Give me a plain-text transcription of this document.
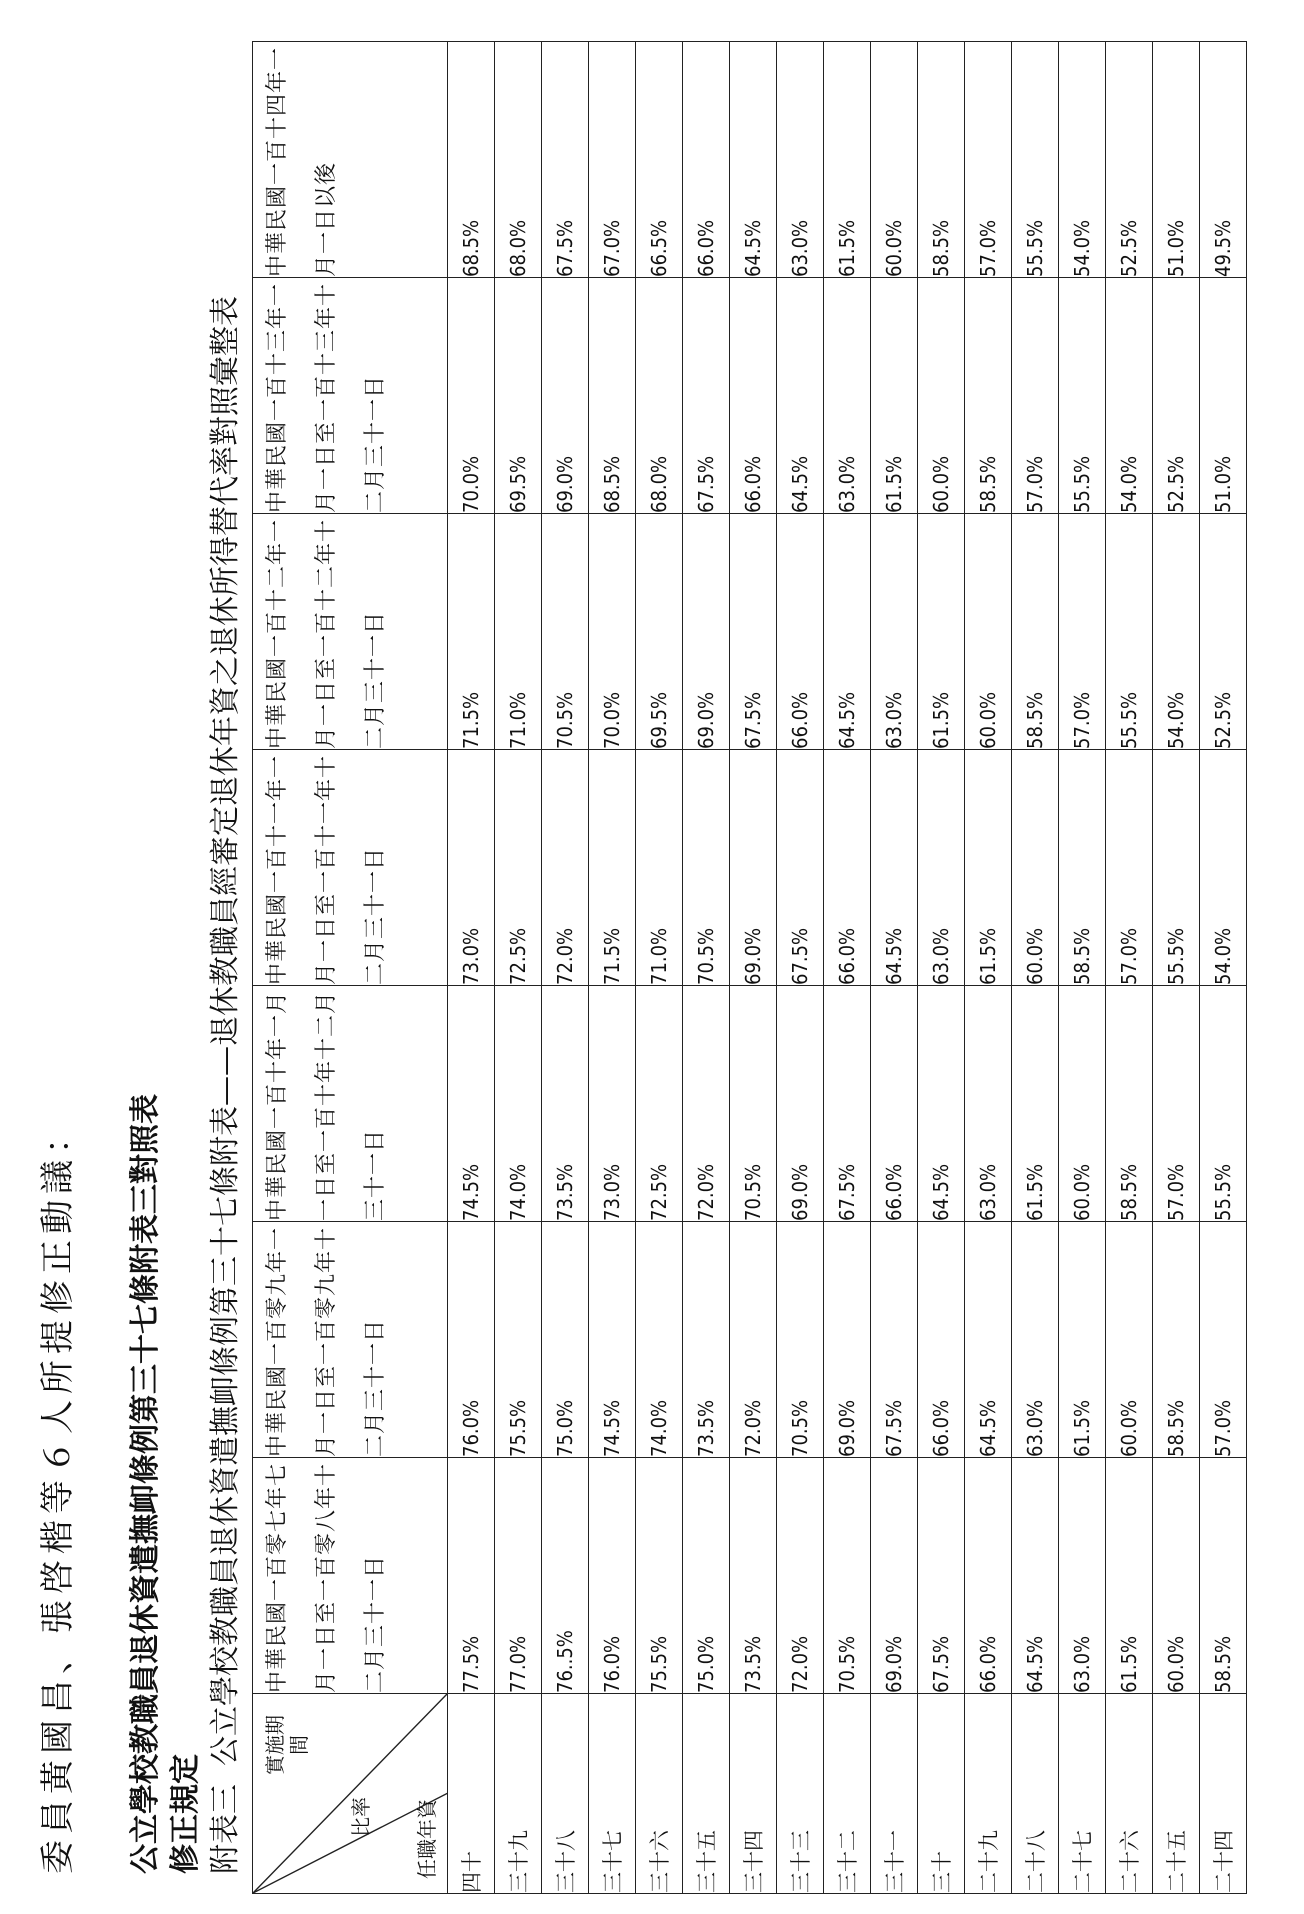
委員黃國昌、張啓楷等６人所提修正動議： 公立學校教職員退休資遣撫卹條例第三十七條附表三對照表 修正規定 附表三公立學校教職員退休資遣撫卹條例第三十七條附表——退休教職員經審定退休年資之退休所得替代率對照彙整表 實施期間
比率 任職年資	中華民國一百零七年七月一日至一百零八年十二月三十一日	中華民國一百零九年一月一日至一百零九年十二月三十一日	中華民國一百十年一月一日至一百十年十二月三十一日	中華民國一百十一年一月一日至一百十一年十二月三十一日	中華民國一百十二年一月一日至一百十二年十二月三十一日	中華民國一百十三年一月一日至一百十三年十二月三十一日	中華民國一百十四年一月一日以後
四十	77.5%	76.0%	74.5%	73.0%	71.5%	70.0%	68.5%
三十九	77.0%	75.5%	74.0%	72.5%	71.0%	69.5%	68.0%
三十八	76..5%	75.0%	73.5%	72.0%	70.5%	69.0%	67.5%
三十七	76.0%	74.5%	73.0%	71.5%	70.0%	68.5%	67.0%
三十六	75.5%	74.0%	72.5%	71.0%	69.5%	68.0%	66.5%
三十五	75.0%	73.5%	72.0%	70.5%	69.0%	67.5%	66.0%
三十四	73.5%	72.0%	70.5%	69.0%	67.5%	66.0%	64.5%
三十三	72.0%	70.5%	69.0%	67.5%	66.0%	64.5%	63.0%
三十二	70.5%	69.0%	67.5%	66.0%	64.5%	63.0%	61.5%
三十一	69.0%	67.5%	66.0%	64.5%	63.0%	61.5%	60.0%
三十	67.5%	66.0%	64.5%	63.0%	61.5%	60.0%	58.5%
二十九	66.0%	64.5%	63.0%	61.5%	60.0%	58.5%	57.0%
二十八	64.5%	63.0%	61.5%	60.0%	58.5%	57.0%	55.5%
二十七	63.0%	61.5%	60.0%	58.5%	57.0%	55.5%	54.0%
二十六	61.5%	60.0%	58.5%	57.0%	55.5%	54.0%	52.5%
二十五	60.0%	58.5%	57.0%	55.5%	54.0%	52.5%	51.0%
二十四	58.5%	57.0%	55.5%	54.0%	52.5%	51.0%	49.5%
